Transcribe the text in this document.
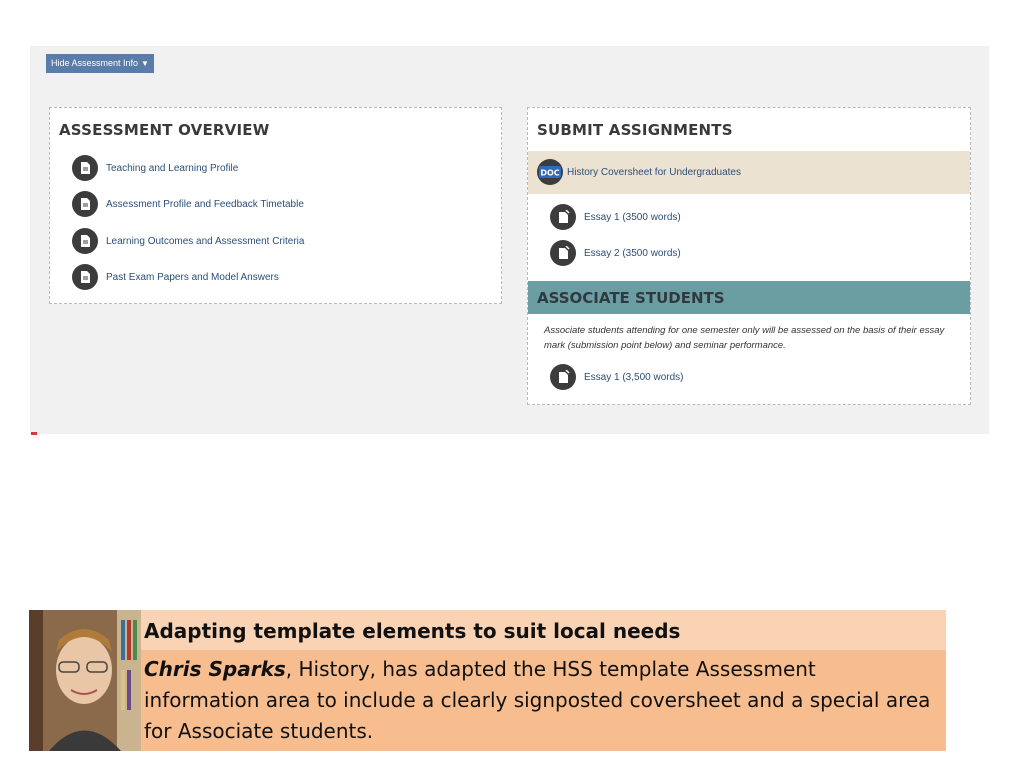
Hide Assessment Info ▼
ASSESSMENT OVERVIEW
Teaching and Learning Profile
Assessment Profile and Feedback Timetable
Learning Outcomes and Assessment Criteria
Past Exam Papers and Model Answers
SUBMIT ASSIGNMENTS
DOC History Coversheet for Undergraduates
Essay 1 (3500 words)
Essay 2 (3500 words)
ASSOCIATE STUDENTS
Associate students attending for one semester only will be assessed on the basis of their essay mark (submission point below) and seminar performance.
Essay 1 (3,500 words)
Adapting template elements to suit local needs

Chris Sparks, History, has adapted the HSS template Assessment information area to include a clearly signposted coversheet and a special area for Associate students.
